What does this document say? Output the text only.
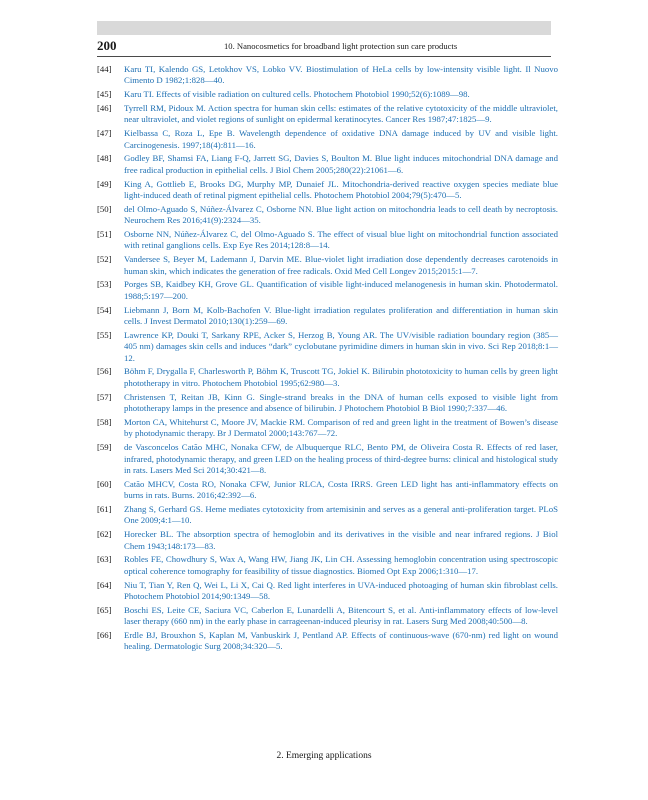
200	10. Nanocosmetics for broadband light protection sun care products
[44] Karu TI, Kalendo GS, Letokhov VS, Lobko VV. Biostimulation of HeLa cells by low-intensity visible light. Il Nuovo Cimento D 1982;1:828—40.
[45] Karu TI. Effects of visible radiation on cultured cells. Photochem Photobiol 1990;52(6):1089—98.
[46] Tyrrell RM, Pidoux M. Action spectra for human skin cells: estimates of the relative cytotoxicity of the middle ultraviolet, near ultraviolet, and violet regions of sunlight on epidermal keratinocytes. Cancer Res 1987;47:1825—9.
[47] Kielbassa C, Roza L, Epe B. Wavelength dependence of oxidative DNA damage induced by UV and visible light. Carcinogenesis. 1997;18(4):811—16.
[48] Godley BF, Shamsi FA, Liang F-Q, Jarrett SG, Davies S, Boulton M. Blue light induces mitochondrial DNA damage and free radical production in epithelial cells. J Biol Chem 2005;280(22):21061—6.
[49] King A, Gottlieb E, Brooks DG, Murphy MP, Dunaief JL. Mitochondria-derived reactive oxygen species mediate blue light-induced death of retinal pigment epithelial cells. Photochem Photobiol 2004;79(5):470—5.
[50] del Olmo-Aguado S, Núñez-Álvarez C, Osborne NN. Blue light action on mitochondria leads to cell death by necroptosis. Neurochem Res 2016;41(9):2324—35.
[51] Osborne NN, Núñez-Álvarez C, del Olmo-Aguado S. The effect of visual blue light on mitochondrial function associated with retinal ganglions cells. Exp Eye Res 2014;128:8—14.
[52] Vandersee S, Beyer M, Lademann J, Darvin ME. Blue-violet light irradiation dose dependently decreases carotenoids in human skin, which indicates the generation of free radicals. Oxid Med Cell Longev 2015;2015:1—7.
[53] Porges SB, Kaidbey KH, Grove GL. Quantification of visible light-induced melanogenesis in human skin. Photodermatol. 1988;5:197—200.
[54] Liebmann J, Born M, Kolb-Bachofen V. Blue-light irradiation regulates proliferation and differentiation in human skin cells. J Invest Dermatol 2010;130(1):259—69.
[55] Lawrence KP, Douki T, Sarkany RPE, Acker S, Herzog B, Young AR. The UV/visible radiation boundary region (385—405 nm) damages skin cells and induces “dark” cyclobutane pyrimidine dimers in human skin in vivo. Sci Rep 2018;8:1—12.
[56] Böhm F, Drygalla F, Charlesworth P, Böhm K, Truscott TG, Jokiel K. Bilirubin phototoxicity to human cells by green light phototherapy in vitro. Photochem Photobiol 1995;62:980—3.
[57] Christensen T, Reitan JB, Kinn G. Single-strand breaks in the DNA of human cells exposed to visible light from phototherapy lamps in the presence and absence of bilirubin. J Photochem Photobiol B Biol 1990;7:337—46.
[58] Morton CA, Whitehurst C, Moore JV, Mackie RM. Comparison of red and green light in the treatment of Bowen’s disease by photodynamic therapy. Br J Dermatol 2000;143:767—72.
[59] de Vasconcelos Catão MHC, Nonaka CFW, de Albuquerque RLC, Bento PM, de Oliveira Costa R. Effects of red laser, infrared, photodynamic therapy, and green LED on the healing process of third-degree burns: clinical and histological study in rats. Lasers Med Sci 2014;30:421—8.
[60] Catão MHCV, Costa RO, Nonaka CFW, Junior RLCA, Costa IRRS. Green LED light has anti-inflammatory effects on burns in rats. Burns. 2016;42:392—6.
[61] Zhang S, Gerhard GS. Heme mediates cytotoxicity from artemisinin and serves as a general anti-proliferation target. PLoS One 2009;4:1—10.
[62] Horecker BL. The absorption spectra of hemoglobin and its derivatives in the visible and near infrared regions. J Biol Chem 1943;148:173—83.
[63] Robles FE, Chowdhury S, Wax A, Wang HW, Jiang JK, Lin CH. Assessing hemoglobin concentration using spectroscopic optical coherence tomography for feasibility of tissue diagnostics. Biomed Opt Exp 2006;1:310—17.
[64] Niu T, Tian Y, Ren Q, Wei L, Li X, Cai Q. Red light interferes in UVA-induced photoaging of human skin fibroblast cells. Photochem Photobiol 2014;90:1349—58.
[65] Boschi ES, Leite CE, Saciura VC, Caberlon E, Lunardelli A, Bitencourt S, et al. Anti-inflammatory effects of low-level laser therapy (660 nm) in the early phase in carrageenan-induced pleurisy in rat. Lasers Surg Med 2008;40:500—8.
[66] Erdle BJ, Brouxhon S, Kaplan M, Vanbuskirk J, Pentland AP. Effects of continuous-wave (670-nm) red light on wound healing. Dermatologic Surg 2008;34:320—5.
2. Emerging applications
